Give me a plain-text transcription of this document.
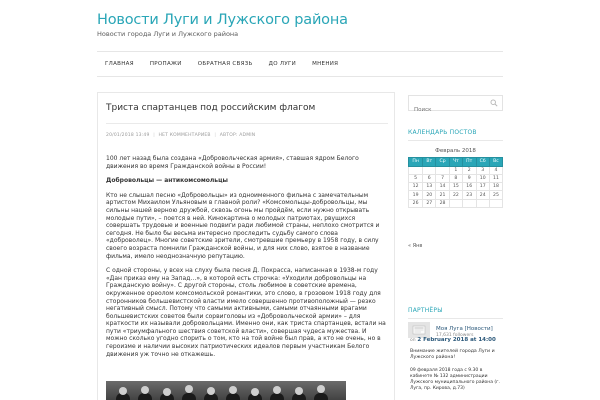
Новости Луги и Лужского района
Новости города Луги и Лужского района
ГЛАВНАЯ	ПРОПАЖИ	ОБРАТНАЯ СВЯЗЬ	ДО ЛУГИ	МНЕНИЯ
Триста спартанцев под российским флагом
20/01/2018 13:49 | НЕТ КОММЕНТАРИЕВ | АВТОР: ADMIN

100 лет назад была создана «Добровольческая армия», ставшая ядром Белого движения во время Гражданской войны в России!

Добровольцы — антикомсомольцы

Кто не слышал песню «Добровольцы» из одноименного фильма с замечательным артистом Михаилом Ульяновым в главной роли? «Комсомольцы-добровольцы, мы сильны нашей верною дружбой, сквозь огонь мы пройдём, если нужно открывать молодые пути», – поется в ней. Кинокартина о молодых патриотах, рвущихся совершать трудовые и военные подвиги ради любимой страны, неплохо смотрится и сегодня. Не было бы весьма интересно проследить судьбу самого слова «доброволец». Многие советские зрители, смотревшие премьеру в 1958 году, в силу своего возраста помнили Гражданской войны, и для них слово, взятое в название фильма, имело неоднозначную репутацию.

С одной стороны, у всех на слуху была песня Д. Покрасса, написанная в 1938-м году «Дан приказ ему на Запад…», в которой есть строчка: «Уходили добровольцы на Гражданскую войну». С другой стороны, столь любимое в советские времена, окруженное ореолом комсомольской романтики, это слово, в грозовом 1918 году для сторонников большевистской власти имело совершенно противоположный — резко негативный смысл. Потому что самыми активными, самыми отчаянными врагами большевистских советов были сорвиголовы из «Добровольческой армии» – для краткости их называли добровольцами. Именно они, как триста спартанцев, встали на пути «триумфального шествия советской власти», совершая чудеса мужества. И можно сколько угодно спорить о том, кто на той войне был прав, а кто не очень, но в героизме и наличии высоких патриотических идеалов первым участникам Белого движения уж точно не откажешь.

Поиск
КАЛЕНДАРЬ ПОСТОВ
Февраль 2018
Пн	Вт	Ср	Чт	Пт	Сб	Вс
			1	2	3	4
5	6	7	8	9	10	11
12	13	14	15	16	17	18
19	20	21	22	23	24	25
26	27	28				
« Янв
ПАРТНЁРЫ
Моя Луга [Новости]
on 2 February 2018 at 14:00
Внимание жителей города Луги и Лужского района!
09 февраля 2018 года с 9.30 в кабинете № 132 администрации Лужского муниципального района (г. Луга, пр. Кирова, д.73)
17,631 followers
